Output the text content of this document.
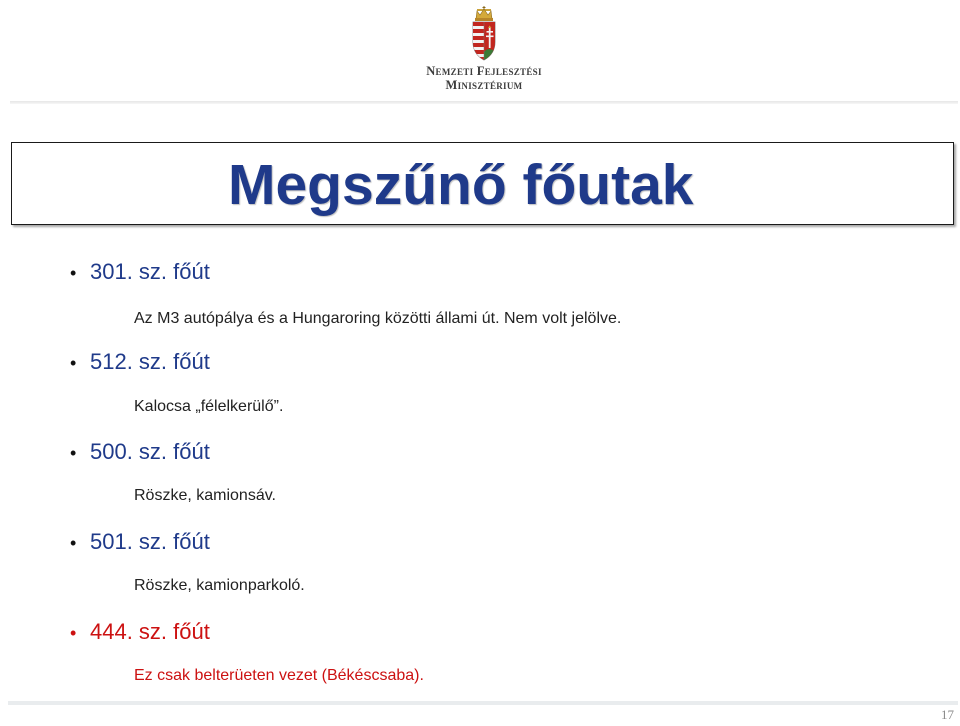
Nemzeti Fejlesztési
Minisztérium
Megszűnő főutak
• 301. sz. főút
Az M3 autópálya és a Hungaroring közötti állami út. Nem volt jelölve.
• 512. sz. főút
Kalocsa „félelkerülő”.
• 500. sz. főút
Röszke, kamionsáv.
• 501. sz. főút
Röszke, kamionparkoló.
• 444. sz. főút
Ez csak belterüeten vezet (Békéscsaba).
17
